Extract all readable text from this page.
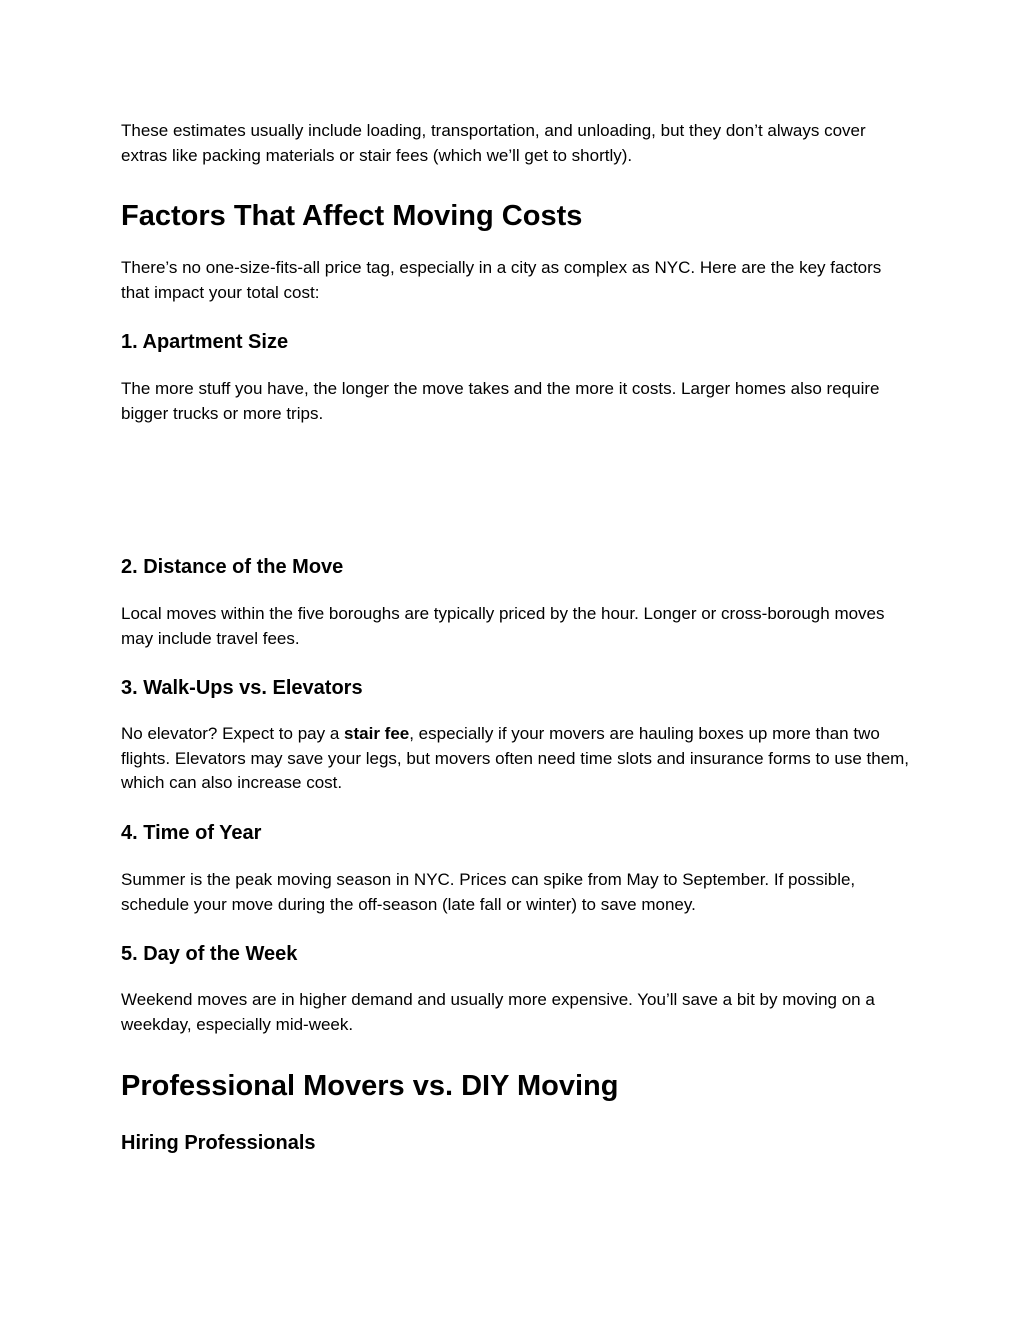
These estimates usually include loading, transportation, and unloading, but they don’t always cover extras like packing materials or stair fees (which we’ll get to shortly).

Factors That Affect Moving Costs

There’s no one-size-fits-all price tag, especially in a city as complex as NYC. Here are the key factors that impact your total cost:

1. Apartment Size

The more stuff you have, the longer the move takes and the more it costs. Larger homes also require bigger trucks or more trips.

2. Distance of the Move

Local moves within the five boroughs are typically priced by the hour. Longer or cross-borough moves may include travel fees.

3. Walk-Ups vs. Elevators

No elevator? Expect to pay a stair fee, especially if your movers are hauling boxes up more than two flights. Elevators may save your legs, but movers often need time slots and insurance forms to use them, which can also increase cost.

4. Time of Year

Summer is the peak moving season in NYC. Prices can spike from May to September. If possible, schedule your move during the off-season (late fall or winter) to save money.

5. Day of the Week

Weekend moves are in higher demand and usually more expensive. You’ll save a bit by moving on a weekday, especially mid-week.

Professional Movers vs. DIY Moving
Hiring Professionals
